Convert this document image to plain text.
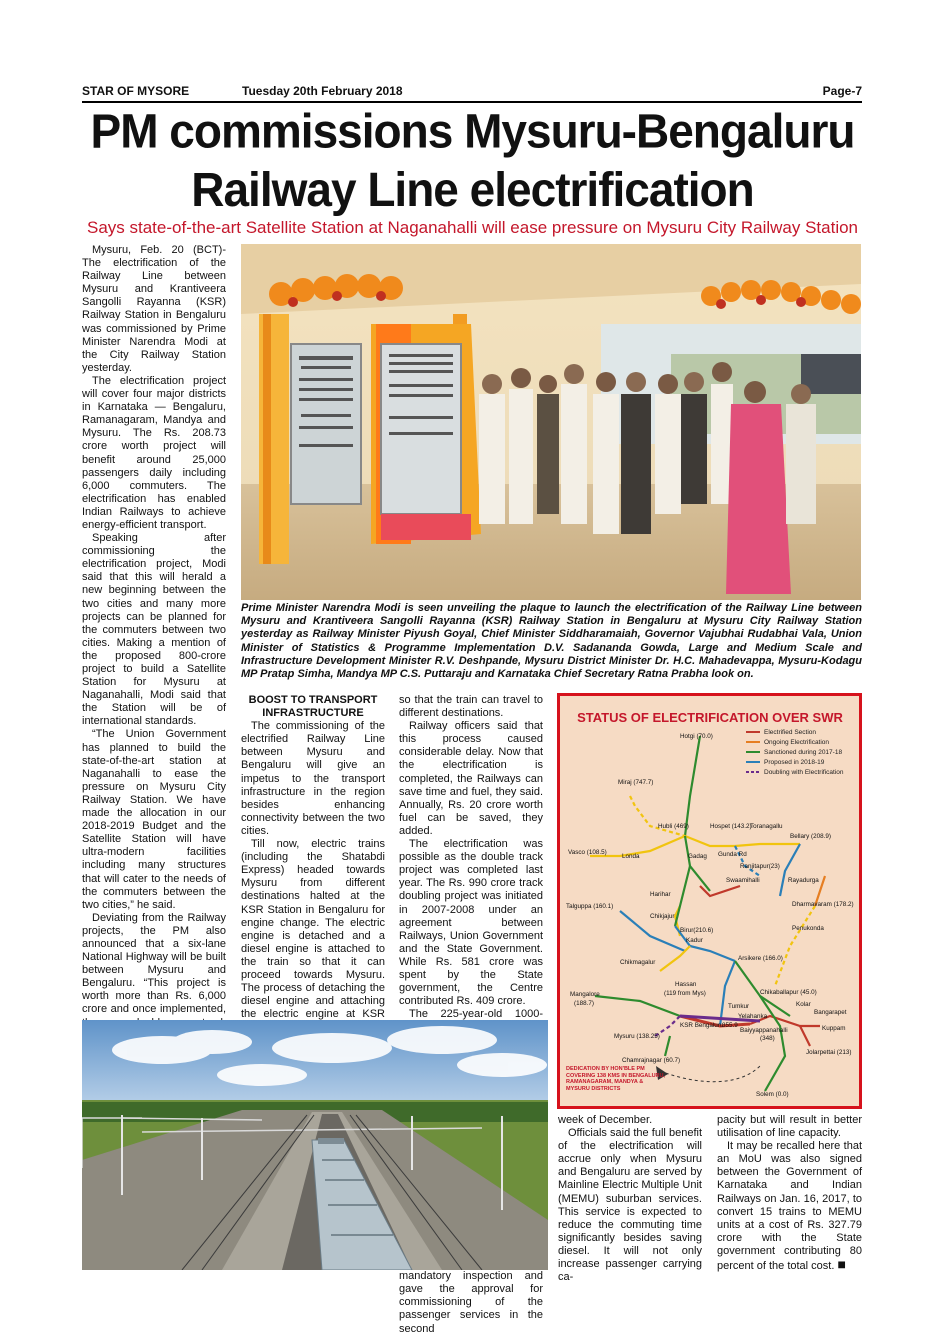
STAR OF MYSORE	Tuesday 20th February 2018	Page-7
PM commissions Mysuru-Bengaluru
Railway Line electrification
Says state-of-the-art Satellite Station at Naganahalli will ease pressure on Mysuru City Railway Station

Mysuru, Feb. 20 (BCT)- The electrification of the Railway Line between Mysuru and Krantiveera Sangolli Rayanna (KSR) Railway Station in Bengaluru was commissioned by Prime Minister Narendra Modi at the City Railway Station yesterday.

The electrification project will cover four major districts in Karnataka — Bengaluru, Ramanagaram, Mandya and Mysuru. The Rs. 208.73 crore worth project will benefit around 25,000 passengers daily including 6,000 commuters. The electrification has enabled Indian Railways to achieve energy-efficient transport.

Speaking after commissioning the electrification project, Modi said that this will herald a new beginning between the two cities and many more projects can be planned for the commuters between two cities. Making a mention of the proposed 800-crore project to build a Satellite Station for Mysuru at Naganahalli, Modi said that the Station will be of international standards.

“The Union Government has planned to build the state-of-the-art station at Naganahalli to ease the pressure on Mysuru City Railway Station. We have made the allocation in our 2018-2019 Budget and the Satellite Station will have ultra-modern facilities including many structures that will cater to the needs of the commuters between the two cities,” he said.

Deviating from the Railway projects, the PM also announced that a six-lane National Highway will be built between Mysuru and Bengaluru. “This project is worth more than Rs. 6,000 crore and once implemented,

Prime Minister Narendra Modi is seen unveiling the plaque to launch the electrification of the Railway Line between Mysuru and Krantiveera Sangolli Rayanna (KSR) Railway Station in Bengaluru at Mysuru City Railway Station yesterday as Railway Minister Piyush Goyal, Chief Minister Siddharamaiah, Governor Vajubhai Rudabhai Vala, Union Minister of Statistics & Programme Implementation D.V. Sadananda Gowda, Large and Medium Scale and Infrastructure Development Minister R.V. Deshpande, Mysuru District Minister Dr. H.C. Mahadevappa, Mysuru-Kodagu MP Pratap Simha, Mandya MP C.S. Puttaraju and Karnataka Chief Secretary Ratna Prabha look on.
BOOST TO TRANSPORT INFRASTRUCTURE

The commissioning of the electrified Railway Line between Mysuru and Bengaluru will give an impetus to the transport infrastructure in the region besides enhancing connectivity between the two cities.

Till now, electric trains (including the Shatabdi Express) headed towards Mysuru from different destinations halted at the KSR Station in Bengaluru for engine change. The electric engine is detached and a diesel engine is attached to the train so that it can proceed towards Mysuru. The process of detaching the diesel engine and attaching the electric engine at KSR

so that the train can travel to different destinations.

Railway officers said that this process caused considerable delay. Now that the electrification is completed, the Railways can save time and fuel, they said. Annually, Rs. 20 crore worth fuel can be saved, they added.

The electrification was possible as the double track project was completed last year. The Rs. 990 crore track doubling project was initiated in 2007-2008 under an agreement between Railways, Union Government and the State Government. While Rs. 581 crore was spent by the State government, the Centre contributed Rs. 409 crore.

The 225-year-old 1000-

mandatory inspection and gave the approval for commissioning of the passenger services in the second

STATUS OF ELECTRIFICATION OVER SWR
Electrified Section
Ongoing Electrification
Sanctioned during 2017-18
Proposed in 2018-19
Doubling with Electrification
Hotgi (70.0)
Miraj (747.7)
Hubli (469)	Hospet (143.2)
Toranagallu
Bellary (208.9)
Vasco (108.5)
Londa	Gadag Gunda Rd
Ranjitapur(23)
Swaamihalli	Rayadurga
Harihar
Dharmavaram (178.2)
Talguppa (160.1)
Chikjajur
Penukonda
Birur(210.6)
Kadur
Arsikere (166.0)
Chikmagalur
Hassan
(119 from Mys)
Mangalore
(188.7)	Tumkur
Chikaballapur (45.0)
Kolar
Bangarapet
Yelahanka
Baiyyappanahalli
(348)
KSR Bengaluru
355.9	Kuppam
Jolarpettai (213)
Mysuru (138.25)
Chamrajnagar (60.7)
Solem (0.0)
DEDICATION BY HON'BLE PM COVERING 138 KMS IN BENGALURU, RAMANAGARAM, MANDYA & MYSURU DISTRICTS

week of December.

Officials said the full benefit of the electrification will accrue only when Mysuru and Bengaluru are served by Mainline Electric Multiple Unit (MEMU) suburban services. This service is expected to reduce the commuting time significantly besides saving diesel. It will not only increase passenger carrying ca-

pacity but will result in better utilisation of line capacity.

It may be recalled here that an MoU was also signed between the Government of Karnataka and Indian Railways on Jan. 16, 2017, to convert 15 trains to MEMU units at a cost of Rs. 327.79 crore with the State government contributing 80 percent of the total cost. ■
